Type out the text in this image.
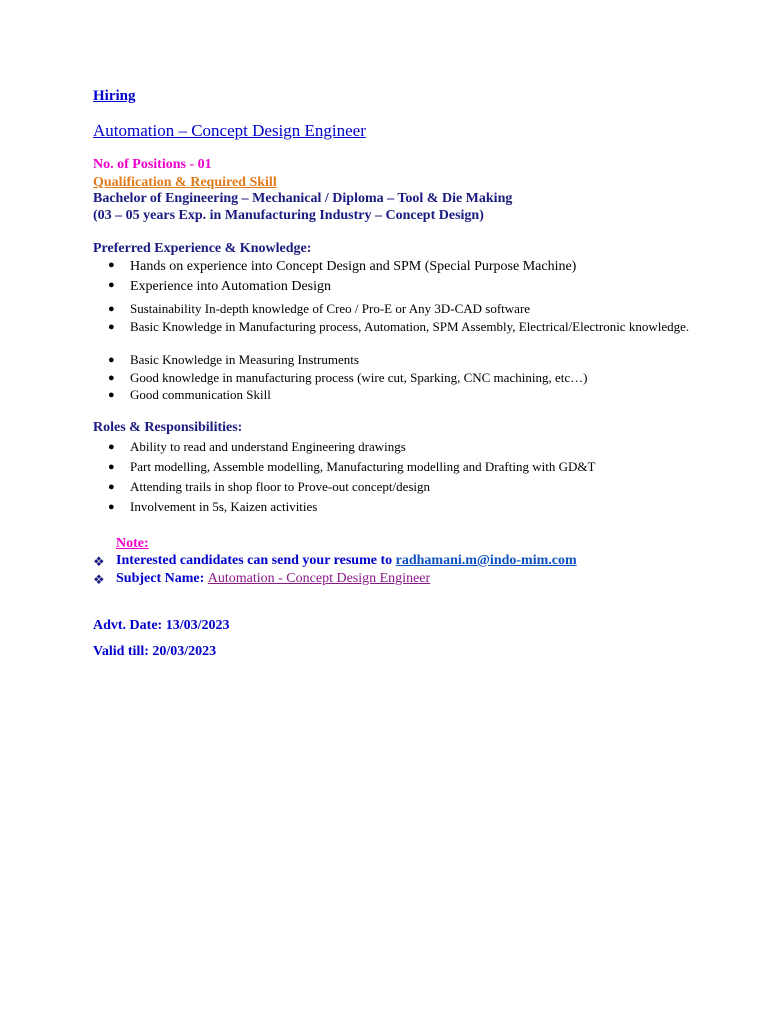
Hiring
Automation – Concept Design Engineer
No. of Positions - 01
Qualification & Required Skill
Bachelor of Engineering – Mechanical / Diploma – Tool & Die Making
(03 – 05 years Exp. in Manufacturing Industry – Concept Design)
Preferred Experience & Knowledge:
● Hands on experience into Concept Design and SPM (Special Purpose Machine)
● Experience into Automation Design
● Sustainability In-depth knowledge of Creo / Pro-E or Any 3D-CAD software
● Basic Knowledge in Manufacturing process, Automation, SPM Assembly, Electrical/Electronic knowledge.
● Basic Knowledge in Measuring Instruments
● Good knowledge in manufacturing process (wire cut, Sparking, CNC machining, etc…)
● Good communication Skill
Roles & Responsibilities:
● Ability to read and understand Engineering drawings
● Part modelling, Assemble modelling, Manufacturing modelling and Drafting with GD&T
● Attending trails in shop floor to Prove-out concept/design
● Involvement in 5s, Kaizen activities
Note:
❖ Interested candidates can send your resume to radhamani.m@indo-mim.com
❖ Subject Name: Automation - Concept Design Engineer
Advt. Date: 13/03/2023
Valid till: 20/03/2023
